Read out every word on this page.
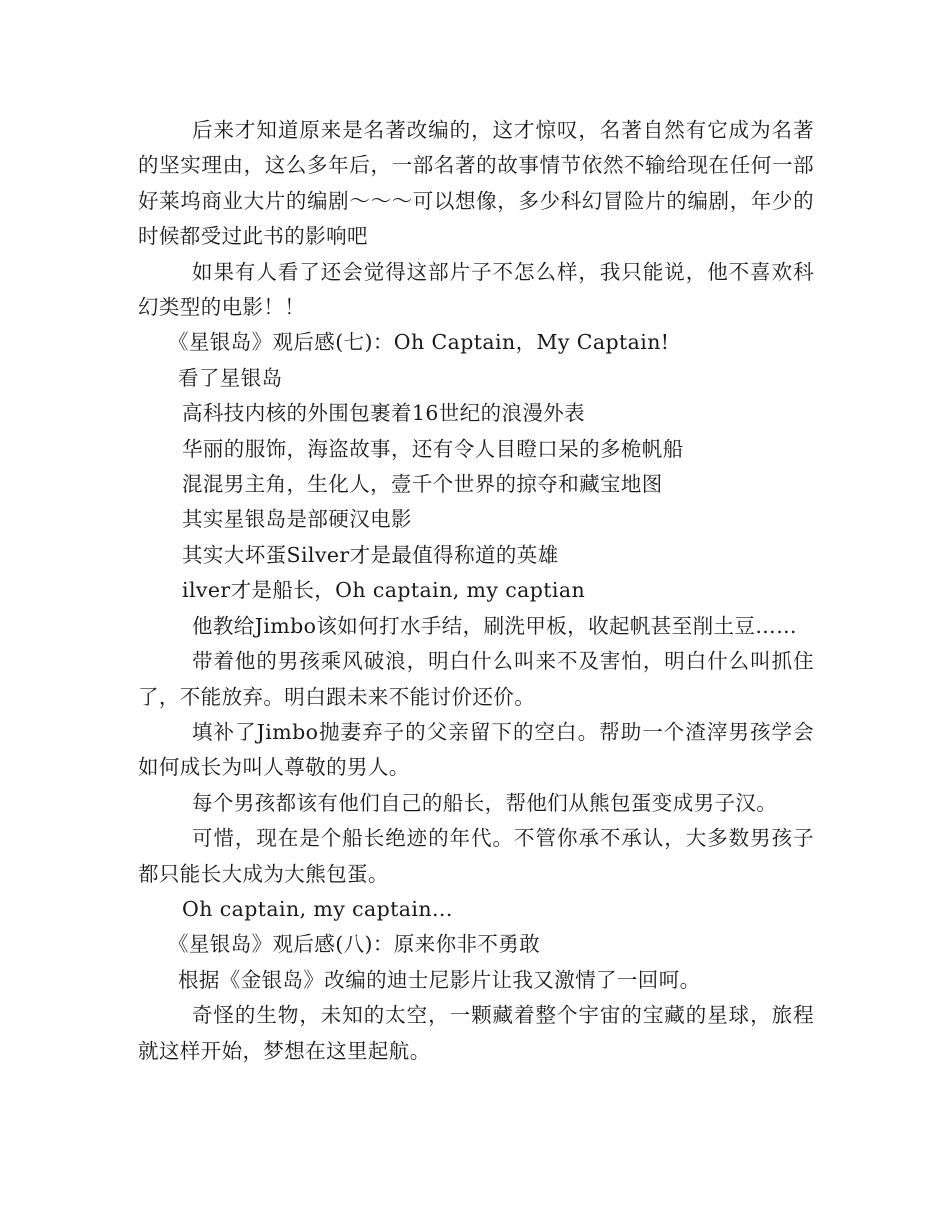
后来才知道原来是名著改编的，这才惊叹，名著自然有它成为名著的坚实理由，这么多年后，一部名著的故事情节依然不输给现在任何一部好莱坞商业大片的编剧～～～可以想像，多少科幻冒险片的编剧，年少的时候都受过此书的影响吧

如果有人看了还会觉得这部片子不怎么样，我只能说，他不喜欢科幻类型的电影！！

《星银岛》观后感(七)：Oh Captain，My Captain!

看了星银岛

高科技内核的外围包裹着16世纪的浪漫外表

华丽的服饰，海盗故事，还有令人目瞪口呆的多桅帆船

混混男主角，生化人，壹千个世界的掠夺和藏宝地图

其实星银岛是部硬汉电影

其实大坏蛋Silver才是最值得称道的英雄

ilver才是船长，Oh captain, my captian

他教给Jimbo该如何打水手结，刷洗甲板，收起帆甚至削土豆……

带着他的男孩乘风破浪，明白什么叫来不及害怕，明白什么叫抓住了，不能放弃。明白跟未来不能讨价还价。

填补了Jimbo抛妻弃子的父亲留下的空白。帮助一个渣滓男孩学会如何成长为叫人尊敬的男人。

每个男孩都该有他们自己的船长，帮他们从熊包蛋变成男子汉。

可惜，现在是个船长绝迹的年代。不管你承不承认，大多数男孩子都只能长大成为大熊包蛋。

Oh captain, my captain...

《星银岛》观后感(八)：原来你非不勇敢

根据《金银岛》改编的迪士尼影片让我又激情了一回呵。

奇怪的生物，未知的太空，一颗藏着整个宇宙的宝藏的星球，旅程就这样开始，梦想在这里起航。
